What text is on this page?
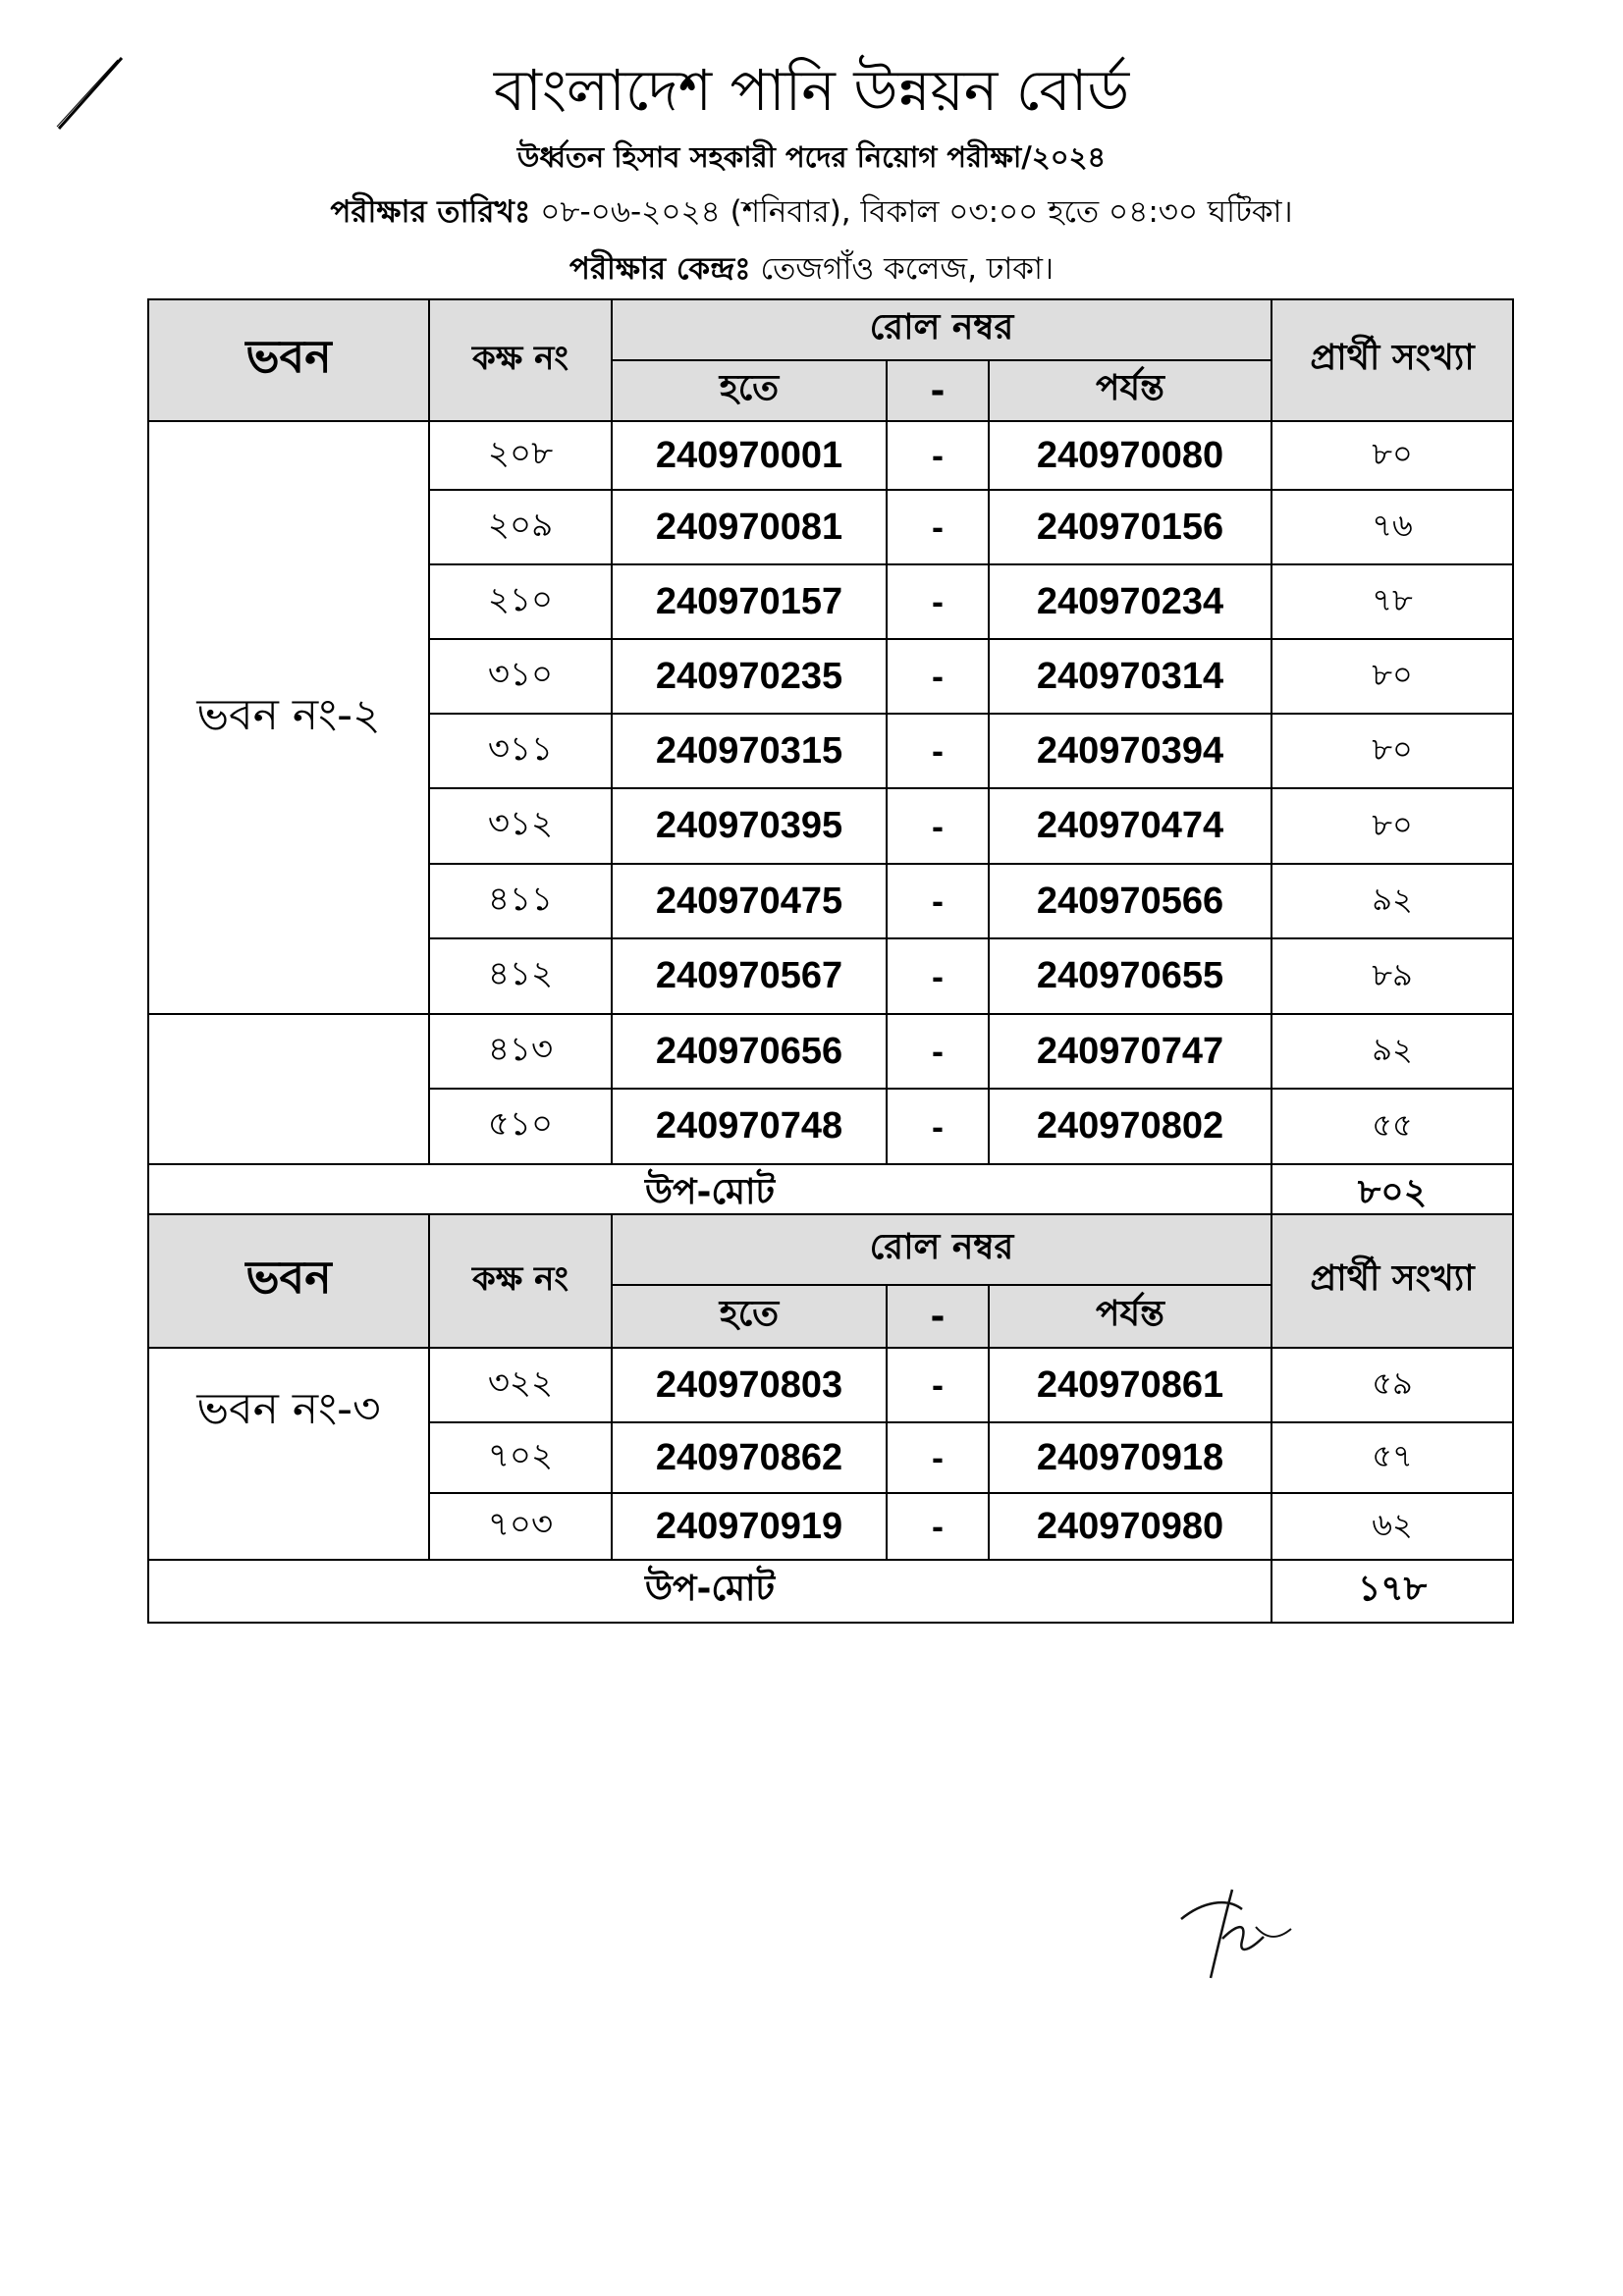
বাংলাদেশ পানি উন্নয়ন বোর্ড
উর্ধ্বতন হিসাব সহকারী পদের নিয়োগ পরীক্ষা/২০২৪
পরীক্ষার তারিখঃ ০৮-০৬-২০২৪ (শনিবার), বিকাল ০৩:০০ হতে ০৪:৩০ ঘটিকা।
পরীক্ষার কেন্দ্রঃ তেজগাঁও কলেজ, ঢাকা।
ভবন	কক্ষ নং	রোল নম্বর			প্রার্থী সংখ্যা
		হতে	-	পর্যন্ত	
ভবন নং-২	২০৮	240970001	-	240970080	৮০
	২০৯	240970081	-	240970156	৭৬
	২১০	240970157	-	240970234	৭৮
	৩১০	240970235	-	240970314	৮০
	৩১১	240970315	-	240970394	৮০
	৩১২	240970395	-	240970474	৮০
	৪১১	240970475	-	240970566	৯২
	৪১২	240970567	-	240970655	৮৯
	৪১৩	240970656	-	240970747	৯২
	৫১০	240970748	-	240970802	৫৫
উপ-মোট					৮০২
ভবন	কক্ষ নং	রোল নম্বর			প্রার্থী সংখ্যা
		হতে	-	পর্যন্ত	
ভবন নং-৩	৩২২	240970803	-	240970861	৫৯
	৭০২	240970862	-	240970918	৫৭
	৭০৩	240970919	-	240970980	৬২
উপ-মোট					১৭৮
